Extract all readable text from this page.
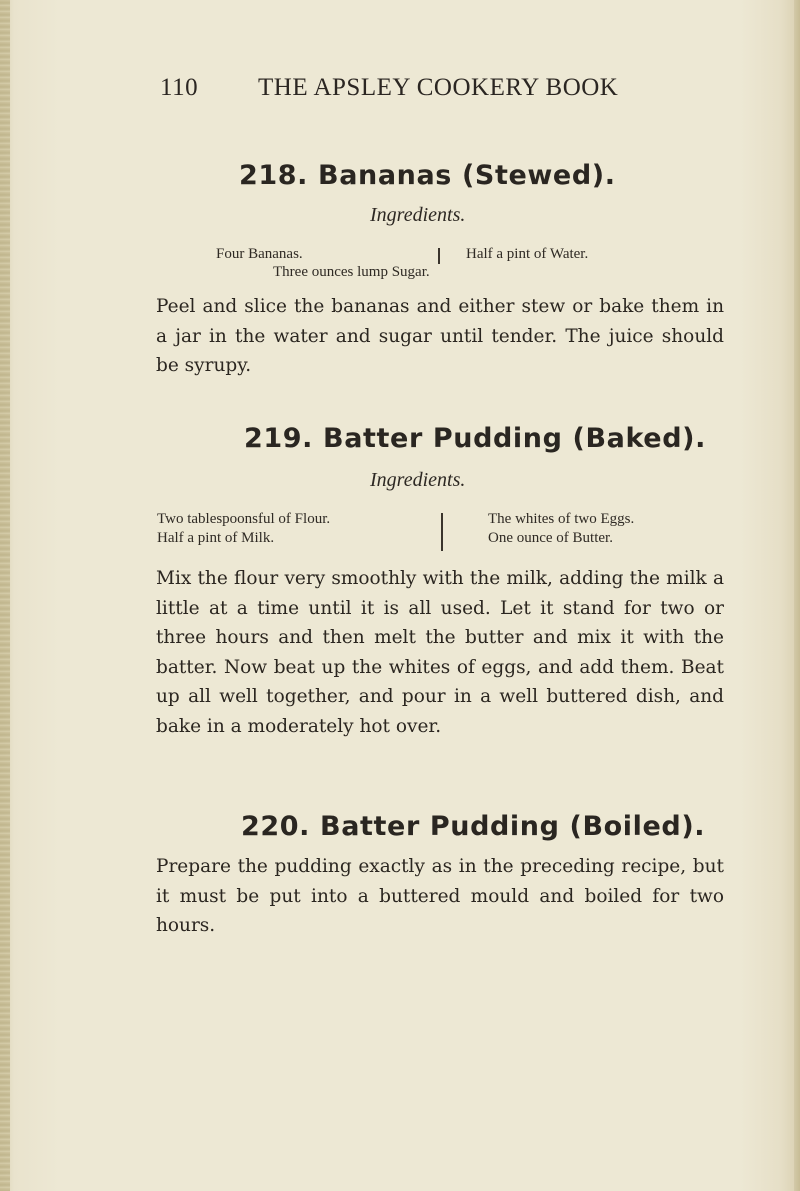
110 THE APSLEY COOKERY BOOK
218. Bananas (Stewed).
Ingredients.
Four Bananas.	Half a pint of Water.
Three ounces lump Sugar.
Peel and slice the bananas and either stew or bake them in a jar in the water and sugar until tender. The juice should be syrupy.
219. Batter Pudding (Baked).
Ingredients.
Two tablespoonsful of Flour.
Half a pint of Milk.
The whites of two Eggs.
One ounce of Butter.
Mix the flour very smoothly with the milk, adding the milk a little at a time until it is all used. Let it stand for two or three hours and then melt the butter and mix it with the batter. Now beat up the whites of eggs, and add them. Beat up all well together, and pour in a well buttered dish, and bake in a moderately hot over.
220. Batter Pudding (Boiled).
Prepare the pudding exactly as in the preceding recipe, but it must be put into a buttered mould and boiled for two hours.
